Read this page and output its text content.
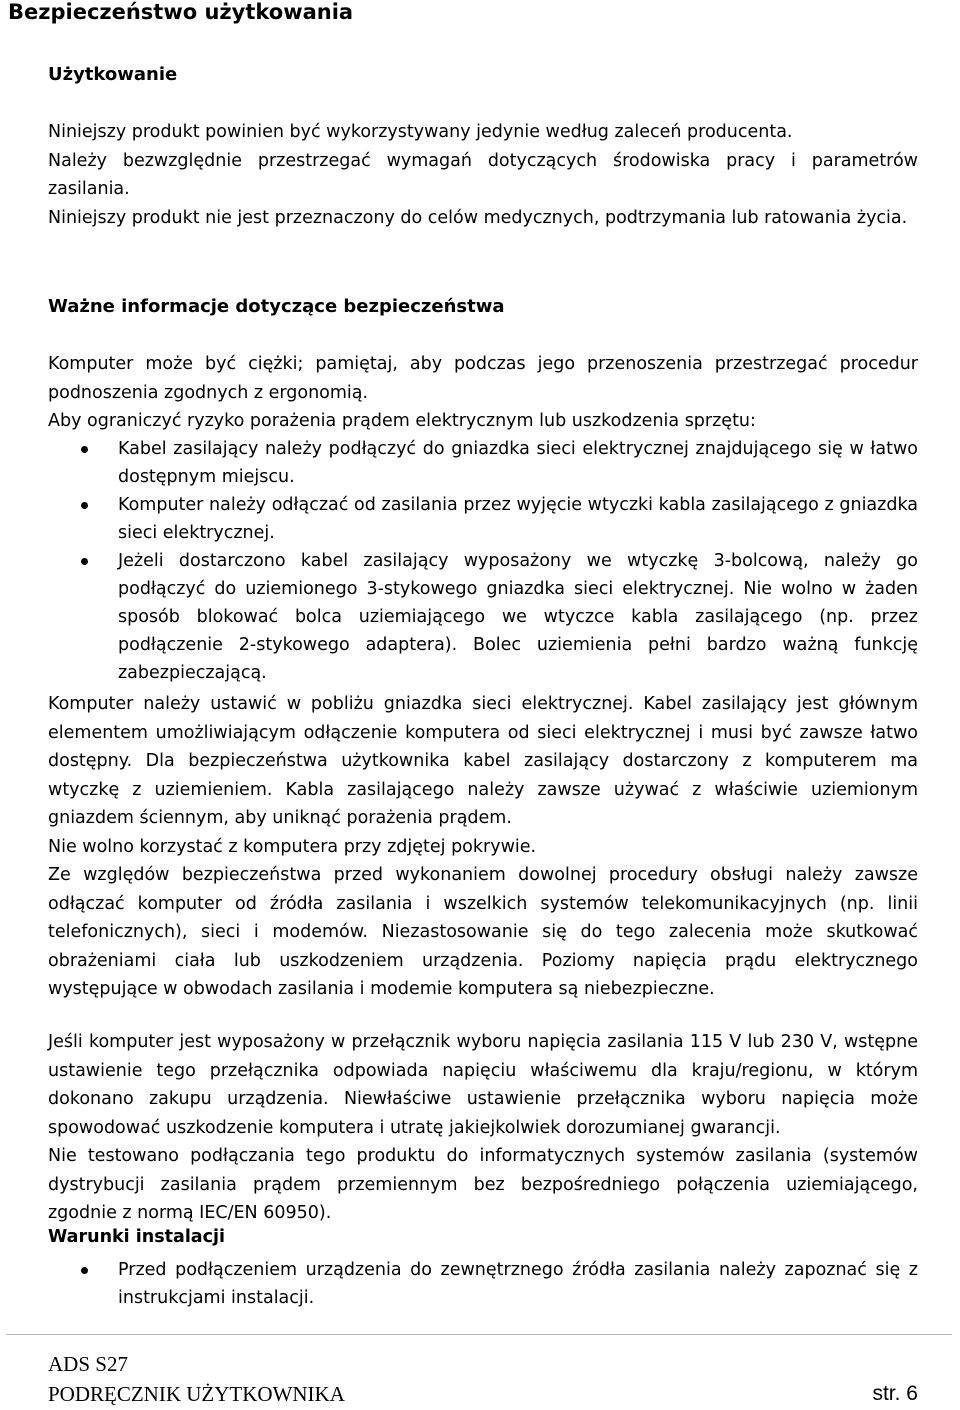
Bezpieczeństwo użytkowania
Użytkowanie

Niniejszy produkt powinien być wykorzystywany jedynie według zaleceń producenta.

Należy bezwzględnie przestrzegać wymagań dotyczących środowiska pracy i parametrów zasilania.

Niniejszy produkt nie jest przeznaczony do celów medycznych, podtrzymania lub ratowania życia.

Ważne informacje dotyczące bezpieczeństwa

Komputer może być ciężki; pamiętaj, aby podczas jego przenoszenia przestrzegać procedur podnoszenia zgodnych z ergonomią.

Aby ograniczyć ryzyko porażenia prądem elektrycznym lub uszkodzenia sprzętu:

Kabel zasilający należy podłączyć do gniazdka sieci elektrycznej znajdującego się w łatwo dostępnym miejscu.
Komputer należy odłączać od zasilania przez wyjęcie wtyczki kabla zasilającego z gniazdka sieci elektrycznej.
Jeżeli dostarczono kabel zasilający wyposażony we wtyczkę 3-bolcową, należy go podłączyć do uziemionego 3-stykowego gniazdka sieci elektrycznej. Nie wolno w żaden sposób blokować bolca uziemiającego we wtyczce kabla zasilającego (np. przez podłączenie 2-stykowego adaptera). Bolec uziemienia pełni bardzo ważną funkcję zabezpieczającą.

Komputer należy ustawić w pobliżu gniazdka sieci elektrycznej. Kabel zasilający jest głównym elementem umożliwiającym odłączenie komputera od sieci elektrycznej i musi być zawsze łatwo dostępny. Dla bezpieczeństwa użytkownika kabel zasilający dostarczony z komputerem ma wtyczkę z uziemieniem. Kabla zasilającego należy zawsze używać z właściwie uziemionym gniazdem ściennym, aby uniknąć porażenia prądem.

Nie wolno korzystać z komputera przy zdjętej pokrywie.

Ze względów bezpieczeństwa przed wykonaniem dowolnej procedury obsługi należy zawsze odłączać komputer od źródła zasilania i wszelkich systemów telekomunikacyjnych (np. linii telefonicznych), sieci i modemów. Niezastosowanie się do tego zalecenia może skutkować obrażeniami ciała lub uszkodzeniem urządzenia. Poziomy napięcia prądu elektrycznego występujące w obwodach zasilania i modemie komputera są niebezpieczne.

Jeśli komputer jest wyposażony w przełącznik wyboru napięcia zasilania 115 V lub 230 V, wstępne ustawienie tego przełącznika odpowiada napięciu właściwemu dla kraju/regionu, w którym dokonano zakupu urządzenia. Niewłaściwe ustawienie przełącznika wyboru napięcia może spowodować uszkodzenie komputera i utratę jakiejkolwiek dorozumianej gwarancji.

Nie testowano podłączania tego produktu do informatycznych systemów zasilania (systemów dystrybucji zasilania prądem przemiennym bez bezpośredniego połączenia uziemiającego, zgodnie z normą IEC/EN 60950).

Warunki instalacji
Przed podłączeniem urządzenia do zewnętrznego źródła zasilania należy zapoznać się z instrukcjami instalacji.
ADS S27
PODRĘCZNIK UŻYTKOWNIKA	str. 6
